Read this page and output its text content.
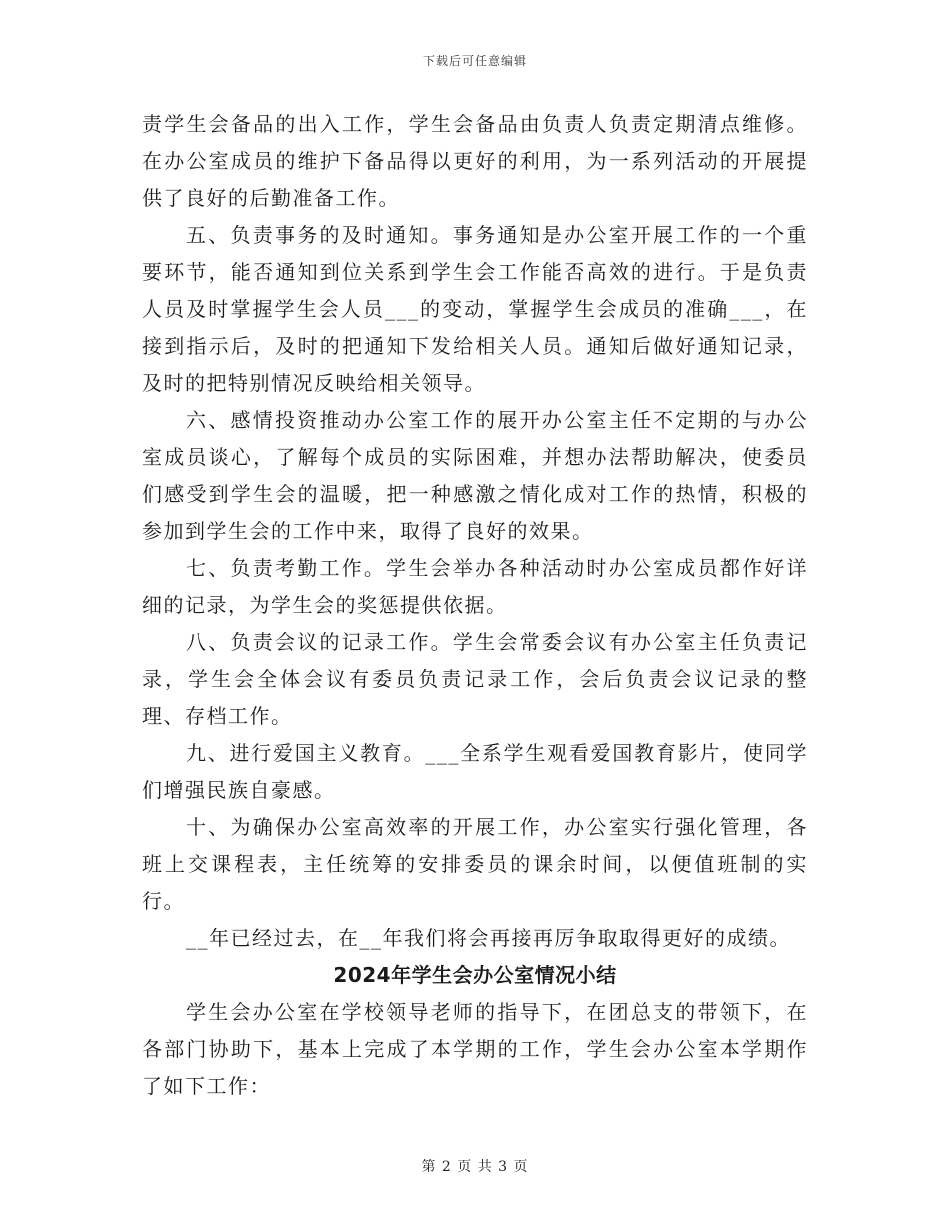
下载后可任意编辑

责学生会备品的出入工作，学生会备品由负责人负责定期清点维修。在办公室成员的维护下备品得以更好的利用，为一系列活动的开展提供了良好的后勤准备工作。

五、负责事务的及时通知。事务通知是办公室开展工作的一个重要环节，能否通知到位关系到学生会工作能否高效的进行。于是负责人员及时掌握学生会人员___的变动，掌握学生会成员的准确___，在接到指示后，及时的把通知下发给相关人员。通知后做好通知记录，及时的把特别情况反映给相关领导。

六、感情投资推动办公室工作的展开办公室主任不定期的与办公室成员谈心，了解每个成员的实际困难，并想办法帮助解决，使委员们感受到学生会的温暖，把一种感激之情化成对工作的热情，积极的参加到学生会的工作中来，取得了良好的效果。

七、负责考勤工作。学生会举办各种活动时办公室成员都作好详细的记录，为学生会的奖惩提供依据。

八、负责会议的记录工作。学生会常委会议有办公室主任负责记录，学生会全体会议有委员负责记录工作，会后负责会议记录的整理、存档工作。

九、进行爱国主义教育。___全系学生观看爱国教育影片，使同学们增强民族自豪感。

十、为确保办公室高效率的开展工作，办公室实行强化管理，各班上交课程表，主任统筹的安排委员的课余时间，以便值班制的实行。

__年已经过去，在__年我们将会再接再厉争取取得更好的成绩。

2024年学生会办公室情况小结

学生会办公室在学校领导老师的指导下，在团总支的带领下，在各部门协助下，基本上完成了本学期的工作，学生会办公室本学期作了如下工作：

第 2 页 共 3 页
